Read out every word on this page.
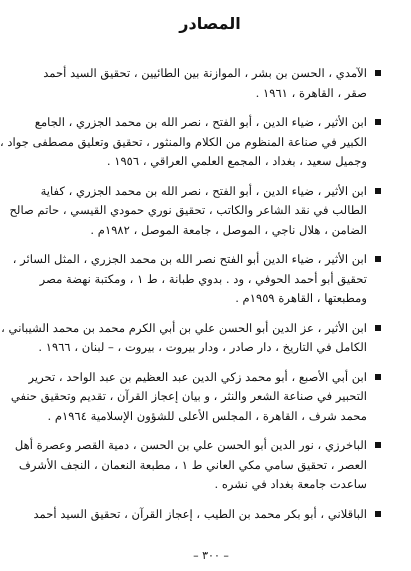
المصادر
الآمدي ، الحسن بن بشر ، الموازنة بين الطائيين ، تحقيق السيد أحمد
صقر ، القاهرة ، ١٩٦١ .
ابن الأثير ، ضياء الدين ، أبو الفتح ، نصر الله بن محمد الجزري ، الجامع
الكبير في صناعة المنظوم من الكلام والمنثور ، تحقيق وتعليق مصطفى جواد ،
وجميل سعيد ، بغداد ، المجمع العلمي العراقي ، ١٩٥٦ .
ابن الأثير ، ضياء الدين ، أبو الفتح ، نصر الله بن محمد الجزري ، كفاية
الطالب في نقد الشاعر والكاتب ، تحقيق نوري حمودي القيسي ، حاتم صالح
الضامن ، هلال ناجي ، الموصل ، جامعة الموصل ، ١٩٨٢م .
ابن الأثير ، ضياء الدين أبو الفتح نصر الله بن محمد الجزري ، المثل السائر ،
تحقيق أبو أحمد الحوفي ، ود . بدوي طبانة ، ط ١ ، ومكتبة نهضة مصر
ومطبعتها ، القاهرة ١٩٥٩م .
ابن الأثير ، عز الدين أبو الحسن علي بن أبي الكرم محمد بن محمد الشيباني ،
الكامل في التاريخ ، دار صادر ، ودار بيروت ، بيروت ، – لبنان ، ١٩٦٦ .
ابن أبي الأصبع ، أبو محمد زكي الدين عبد العظيم بن عبد الواحد ، تحرير
التحبير في صناعة الشعر والنثر ، و بيان إعجاز القرآن ، تقديم وتحقيق حنفي
محمد شرف ، القاهرة ، المجلس الأعلى للشؤون الإسلامية ١٩٦٤م .
الباخرزي ، نور الدين أبو الحسن علي بن الحسن ، دمية القصر وعصرة أهل
العصر ، تحقيق سامي مكي العاني ط ١ ، مطبعة النعمان ، النجف الأشرف
ساعدت جامعة بغداد في نشره .
الباقلاني ، أبو بكر محمد بن الطيب ، إعجاز القرآن ، تحقيق السيد أحمد
– ٣٠٠ –
